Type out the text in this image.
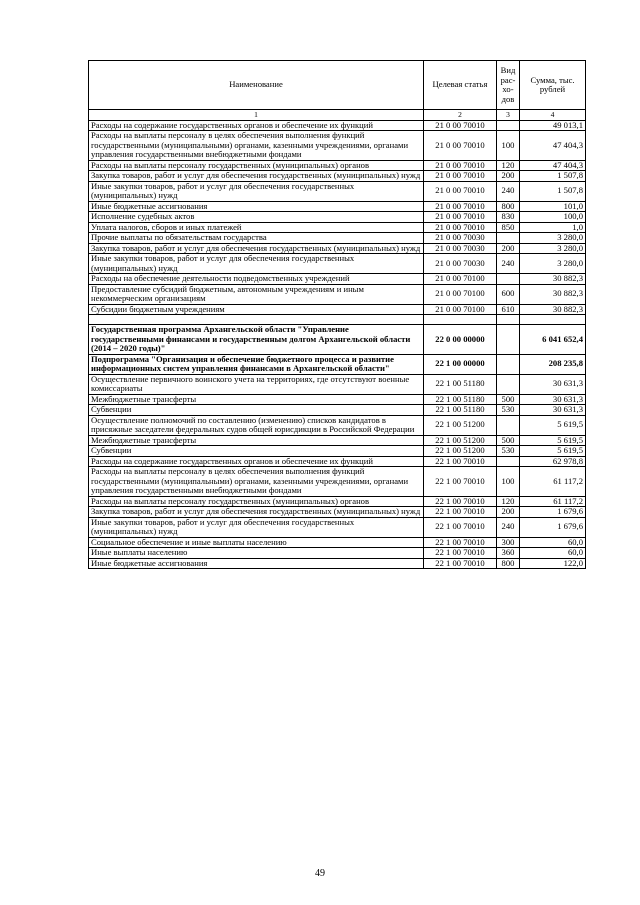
Наименование	Целевая статья	Вид рас- хо- дов	Сумма, тыс. рублей
1	2	3	4
Расходы на содержание государственных органов и обеспечение их функций	21 0 00 70010		49 013,1
Расходы на выплаты персоналу в целях обеспечения выполнения функций государственными (муниципальными) органами, казенными учреждениями, органами управления государственными внебюджетными фондами	21 0 00 70010	100	47 404,3
Расходы на выплаты персоналу государственных (муниципальных) органов	21 0 00 70010	120	47 404,3
Закупка товаров, работ и услуг для обеспечения государственных (муниципальных) нужд	21 0 00 70010	200	1 507,8
Иные закупки товаров, работ и услуг для обеспечения государственных (муниципальных) нужд	21 0 00 70010	240	1 507,8
Иные бюджетные ассигнования	21 0 00 70010	800	101,0
Исполнение судебных актов	21 0 00 70010	830	100,0
Уплата налогов, сборов и иных платежей	21 0 00 70010	850	1,0
Прочие выплаты по обязательствам государства	21 0 00 70030		3 280,0
Закупка товаров, работ и услуг для обеспечения государственных (муниципальных) нужд	21 0 00 70030	200	3 280,0
Иные закупки товаров, работ и услуг для обеспечения государственных (муниципальных) нужд	21 0 00 70030	240	3 280,0
Расходы на обеспечение деятельности подведомственных учреждений	21 0 00 70100		30 882,3
Предоставление субсидий бюджетным, автономным учреждениям и иным некоммерческим организациям	21 0 00 70100	600	30 882,3
Субсидии бюджетным учреждениям	21 0 00 70100	610	30 882,3

Государственная программа Архангельской области "Управление государственными финансами и государственным долгом Архангельской области (2014 – 2020 годы)"	22 0 00 00000		6 041 652,4
Подпрограмма "Организация и обеспечение бюджетного процесса и развитие информационных систем управления финансами в Архангельской области"	22 1 00 00000		208 235,8
Осуществление первичного воинского учета на территориях, где отсутствуют военные комиссариаты	22 1 00 51180		30 631,3
Межбюджетные трансферты	22 1 00 51180	500	30 631,3
Субвенции	22 1 00 51180	530	30 631,3
Осуществление полномочий по составлению (изменению) списков кандидатов в присяжные заседатели федеральных судов общей юрисдикции в Российской Федерации	22 1 00 51200		5 619,5
Межбюджетные трансферты	22 1 00 51200	500	5 619,5
Субвенции	22 1 00 51200	530	5 619,5
Расходы на содержание государственных органов и обеспечение их функций	22 1 00 70010		62 978,8
Расходы на выплаты персоналу в целях обеспечения выполнения функций государственными (муниципальными) органами, казенными учреждениями, органами управления государственными внебюджетными фондами	22 1 00 70010	100	61 117,2
Расходы на выплаты персоналу государственных (муниципальных) органов	22 1 00 70010	120	61 117,2
Закупка товаров, работ и услуг для обеспечения государственных (муниципальных) нужд	22 1 00 70010	200	1 679,6
Иные закупки товаров, работ и услуг для обеспечения государственных (муниципальных) нужд	22 1 00 70010	240	1 679,6
Социальное обеспечение и иные выплаты населению	22 1 00 70010	300	60,0
Иные выплаты населению	22 1 00 70010	360	60,0
Иные бюджетные ассигнования	22 1 00 70010	800	122,0
49
